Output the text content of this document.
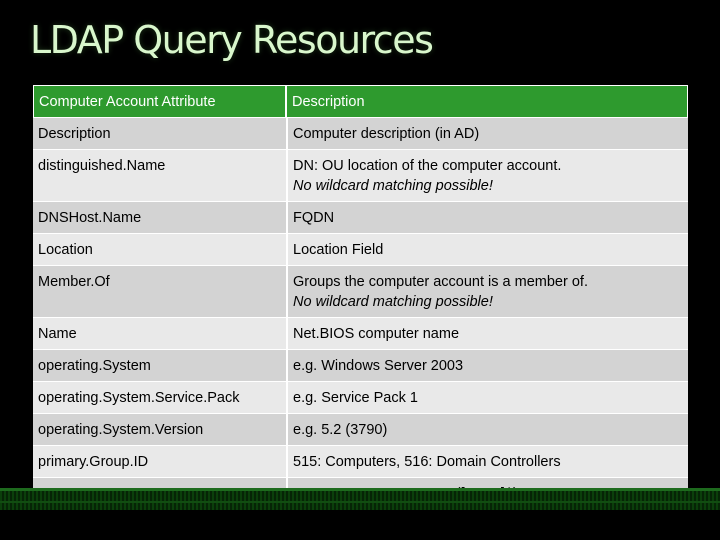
LDAP Query Resources
Computer Account Attribute	Description
Description	Computer description (in AD)
distinguished.Name	DN: OU location of the computer account.
No wildcard matching possible!

DNSHost.Name	FQDN
Location	Location Field
Member.Of	Groups the computer account is a member of.
No wildcard matching possible!

Name	Net.BIOS computer name
operating.System	e.g. Windows Server 2003
operating.System.Service.Pack	e.g. Service Pack 1
operating.System.Version	e.g. 5.2 (3790)
primary.Group.ID	515: Computers, 516: Domain Controllers
